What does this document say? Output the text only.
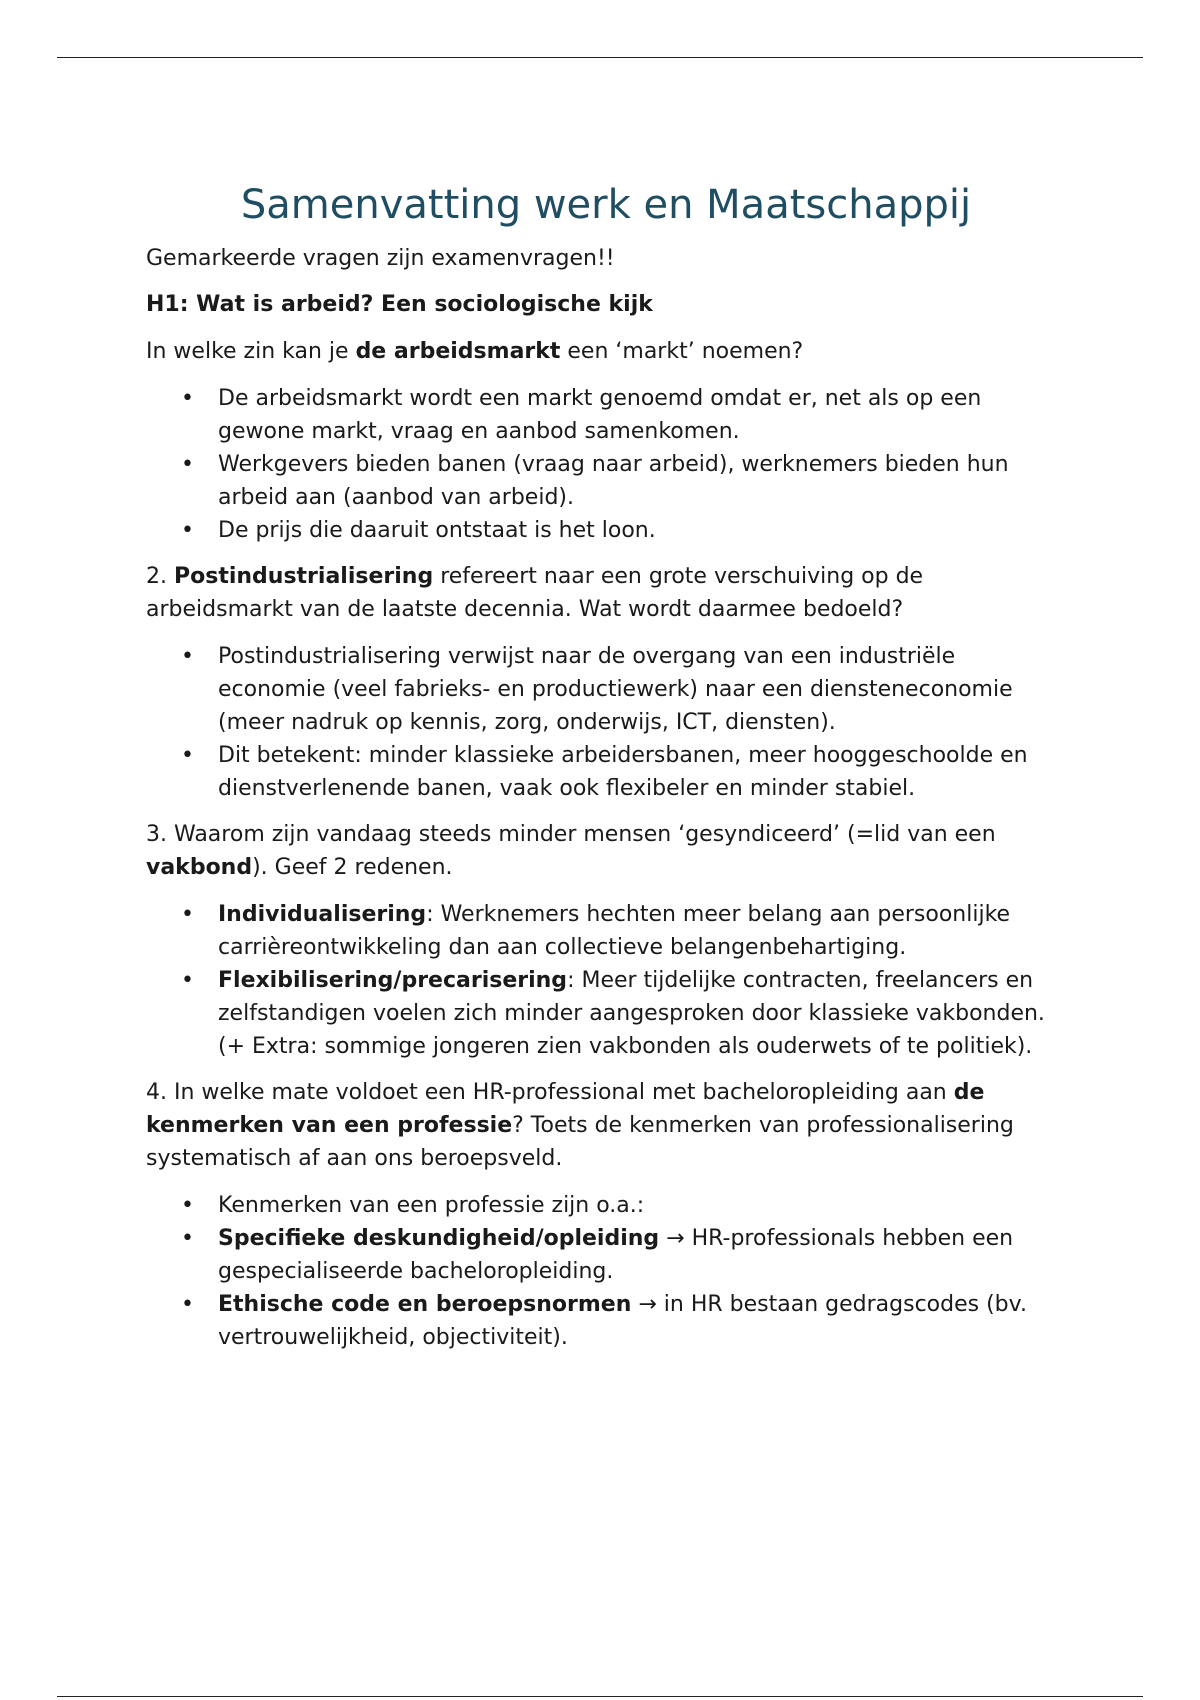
Samenvatting werk en Maatschappij

Gemarkeerde vragen zijn examenvragen!!

H1: Wat is arbeid? Een sociologische kijk

In welke zin kan je de arbeidsmarkt een ‘markt’ noemen?

• De arbeidsmarkt wordt een markt genoemd omdat er, net als op een gewone markt, vraag en aanbod samenkomen.
• Werkgevers bieden banen (vraag naar arbeid), werknemers bieden hun arbeid aan (aanbod van arbeid).
• De prijs die daaruit ontstaat is het loon.

2. Postindustrialisering refereert naar een grote verschuiving op de arbeidsmarkt van de laatste decennia. Wat wordt daarmee bedoeld?

• Postindustrialisering verwijst naar de overgang van een industriële economie (veel fabrieks- en productiewerk) naar een diensteneconomie (meer nadruk op kennis, zorg, onderwijs, ICT, diensten).
• Dit betekent: minder klassieke arbeidersbanen, meer hooggeschoolde en dienstverlenende banen, vaak ook flexibeler en minder stabiel.

3. Waarom zijn vandaag steeds minder mensen ‘gesyndiceerd’ (=lid van een vakbond). Geef 2 redenen.

• Individualisering: Werknemers hechten meer belang aan persoonlijke carrièreontwikkeling dan aan collectieve belangenbehartiging.
• Flexibilisering/precarisering: Meer tijdelijke contracten, freelancers en zelfstandigen voelen zich minder aangesproken door klassieke vakbonden.
(+ Extra: sommige jongeren zien vakbonden als ouderwets of te politiek).

4. In welke mate voldoet een HR-professional met bacheloropleiding aan de kenmerken van een professie? Toets de kenmerken van professionalisering systematisch af aan ons beroepsveld.

• Kenmerken van een professie zijn o.a.:
• Specifieke deskundigheid/opleiding → HR-professionals hebben een gespecialiseerde bacheloropleiding.
• Ethische code en beroepsnormen → in HR bestaan gedragscodes (bv. vertrouwelijkheid, objectiviteit).
